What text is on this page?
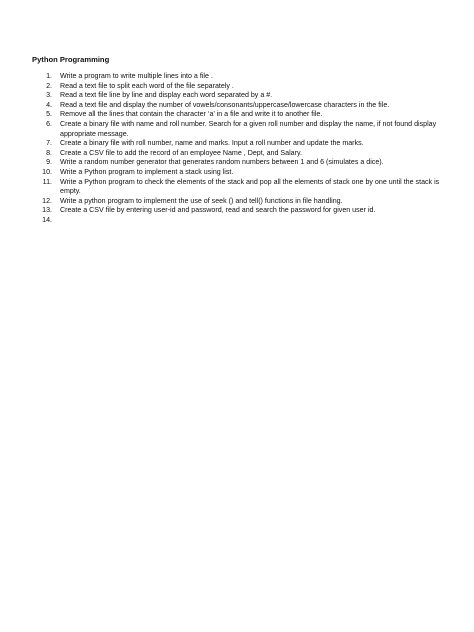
Python Programming
1.	Write a program to write multiple lines into a file .
2.	Read a text file to split each word of the file separately .
3.	Read a text file line by line and display each word separated by a #.
4.	Read a text file and display the number of vowels/consonants/uppercase/lowercase characters in the file.
5.	Remove all the lines that contain the character ‘a’ in a file and write it to another file.
6.	Create a binary file with name and roll number. Search for a given roll number and display the name, if not found display appropriate message.
7.	Create a binary file with roll number, name and marks. Input a roll number and update the marks.
8.	Create a CSV file to add the record of an employee Name , Dept, and Salary.
9.	Write a random number generator that generates random numbers between 1 and 6 (simulates a dice).
10.	Write a Python program to implement a stack using list.
11.	Write a Python program to check the elements of the stack and pop all the elements of stack one by one until the stack is empty.
12.	Write a python program to implement the use of seek () and tell() functions in file handling.
13.	Create a CSV file by entering user-id and password, read and search the password for given user id.
14.
